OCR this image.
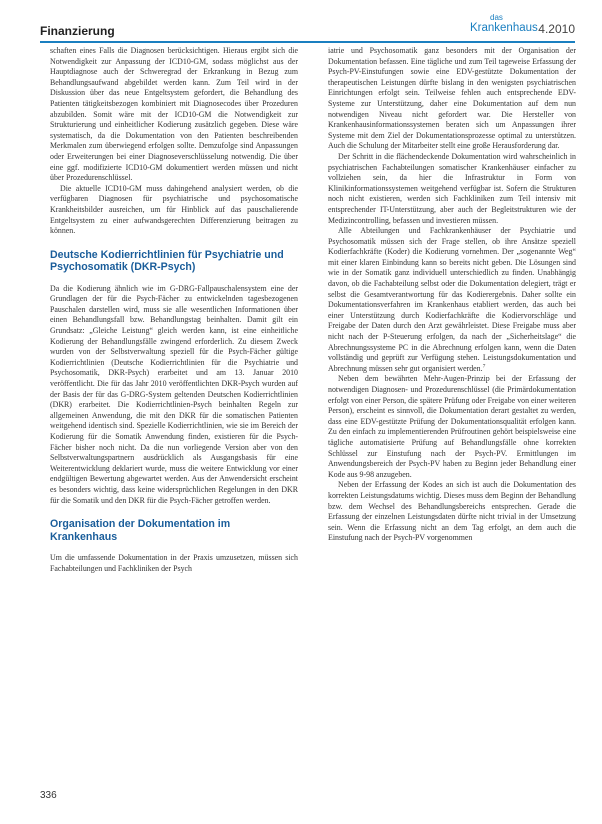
Finanzierung
das
Krankenhaus 4.2010

schaften eines Falls die Diagnosen berücksichtigen. Hieraus ergibt sich die Notwendigkeit zur Anpassung der ICD10-GM, sodass möglichst aus der Hauptdiagnose auch der Schweregrad der Erkrankung in Bezug zum Behandlungsaufwand abgebildet werden kann. Zum Teil wird in der Diskussion über das neue Entgeltsystem gefordert, die Behandlung des Patienten tätigkeitsbezogen kombiniert mit Diagnosecodes über Prozeduren abzubilden. Somit wäre mit der ICD10-GM die Notwendigkeit zur Strukturierung und einheitlicher Kodierung zusätzlich gegeben. Diese wäre systematisch, da die Dokumentation von den Patienten beschreibenden Merkmalen zum überwiegend erfolgen sollte. Demzufolge sind Anpassungen oder Erweiterungen bei einer Diagnoseverschlüsselung notwendig. Die über eine ggf. modifizierte ICD10-GM dokumentiert werden müssen und nicht über Prozedurenschlüssel.

Die aktuelle ICD10-GM muss dahingehend analysiert werden, ob die verfügbaren Diagnosen für psychiatrische und psychosomatische Krankheitsbilder ausreichen, um für Hinblick auf das pauschalierende Entgeltsystem zu einer aufwandsgerechten Differenzierung beitragen zu können.

Deutsche Kodierrichtlinien für Psychiatrie und Psychosomatik (DKR-Psych)

Da die Kodierung ähnlich wie im G-DRG-Fallpauschalensystem eine der Grundlagen der für die Psych-Fächer zu entwickelnden tagesbezogenen Pauschalen darstellen wird, muss sie alle wesentlichen Informationen über einen Behandlungsfall bzw. Behandlungstag beinhalten. Damit gilt ein Grundsatz: „Gleiche Leistung“ gleich werden kann, ist eine einheitliche Kodierung der Behandlungsfälle zwingend erforderlich. Zu diesem Zweck wurden von der Selbstverwaltung speziell für die Psych-Fächer gültige Kodierrichtlinien (Deutsche Kodierrichtlinien für die Psychiatrie und Psychosomatik, DKR-Psych) erarbeitet und am 13. Januar 2010 veröffentlicht. Die für das Jahr 2010 veröffentlichten DKR-Psych wurden auf der Basis der für das G-DRG-System geltenden Deutschen Kodierrichtlinien (DKR) erarbeitet. Die Kodierrichtlinien-Psych beinhalten Regeln zur allgemeinen Anwendung, die mit den DKR für die somatischen Patienten weitgehend identisch sind. Spezielle Kodierrichtlinien, wie sie im Bereich der Kodierung für die Somatik Anwendung finden, existieren für die Psych-Fächer bisher noch nicht. Da die nun vorliegende Version aber von den Selbstverwaltungspartnern ausdrücklich als Ausgangsbasis für eine Weiterentwicklung deklariert wurde, muss die weitere Entwicklung vor einer endgültigen Bewertung abgewartet werden. Aus der Anwendersicht erscheint es besonders wichtig, dass keine widersprüchlichen Regelungen in den DKR für die Somatik und den DKR für die Psych-Fächer getroffen werden.

Organisation der Dokumentation im Krankenhaus

Um die umfassende Dokumentation in der Praxis umzusetzen, müssen sich Fachabteilungen und Fachkliniken der Psych

iatrie und Psychosomatik ganz besonders mit der Organisation der Dokumentation befassen. Eine tägliche und zum Teil tageweise Erfassung der Psych-PV-Einstufungen sowie eine EDV-gestützte Dokumentation der therapeutischen Leistungen dürfte bislang in den wenigsten psychiatrischen Einrichtungen erfolgt sein. Teilweise fehlen auch entsprechende EDV-Systeme zur Unterstützung, daher eine Dokumentation auf dem nun notwendigen Niveau nicht gefordert war. Die Hersteller von Krankenhausinformationssystemen beraten sich um Anpassungen ihrer Systeme mit dem Ziel der Dokumentationsprozesse optimal zu unterstützen. Auch die Schulung der Mitarbeiter stellt eine große Herausforderung dar.

Der Schritt in die flächendeckende Dokumentation wird wahrscheinlich in psychiatrischen Fachabteilungen somatischer Krankenhäuser einfacher zu vollziehen sein, da hier die Infrastruktur in Form von Klinikinformationssystemen weitgehend verfügbar ist. Sofern die Strukturen noch nicht existieren, werden sich Fachkliniken zum Teil intensiv mit entsprechender IT-Unterstützung, aber auch der Begleitstrukturen wie der Medizincontrolling, befassen und investieren müssen.

Alle Abteilungen und Fachkrankenhäuser der Psychiatrie und Psychosomatik müssen sich der Frage stellen, ob ihre Ansätze speziell Kodierfachkräfte (Koder) die Kodierung vornehmen. Der „sogenannte Weg“ mit einer klaren Einbindung kann so bereits nicht geben. Die Lösungen sind wie in der Somatik ganz individuell unterschiedlich zu finden. Unabhängig davon, ob die Fachabteilung selbst oder die Dokumentation delegiert, trägt er selbst die Gesamtverantwortung für das Kodierergebnis. Daher sollte ein Dokumentationsverfahren im Krankenhaus etabliert werden, das auch bei einer Unterstützung durch Kodierfachkräfte die Kodiervorschläge und Freigabe der Daten durch den Arzt gewährleistet. Diese Freigabe muss aber nicht nach der P-Steuerung erfolgen, da nach der „Sicherheitslage“ die Abrechnungssysteme PC in die Abrechnung erfolgen kann, wenn die Daten vollständig und geprüft zur Verfügung stehen. Leistungsdokumentation und Abrechnung müssen sehr gut organisiert werden.$^7$

Neben dem bewährten Mehr-Augen-Prinzip bei der Erfassung der notwendigen Diagnosen- und Prozedurenschlüssel (die Primärdokumentation erfolgt von einer Person, die spätere Prüfung oder Freigabe von einer weiteren Person), erscheint es sinnvoll, die Dokumentation derart gestaltet zu werden, dass eine EDV-gestützte Prüfung der Dokumentationsqualität erfolgen kann. Zu den einfach zu implementierenden Prüfroutinen gehört beispielsweise eine tägliche automatisierte Prüfung auf Behandlungsfälle ohne korrekten Schlüssel zur Einstufung nach der Psych-PV. Ermittlungen im Anwendungsbereich der Psych-PV haben zu Beginn jeder Behandlung einer Kode aus 9-98 anzugeben.

Neben der Erfassung der Kodes an sich ist auch die Dokumentation des korrekten Leistungsdatums wichtig. Dieses muss dem Beginn der Behandlung bzw. dem Wechsel des Behandlungsbereichs entsprechen. Gerade die Erfassung der einzelnen Leistungsdaten dürfte nicht trivial in der Umsetzung sein. Wenn die Erfassung nicht an dem Tag erfolgt, an dem auch die Einstufung nach der Psych-PV vorgenommen

336
